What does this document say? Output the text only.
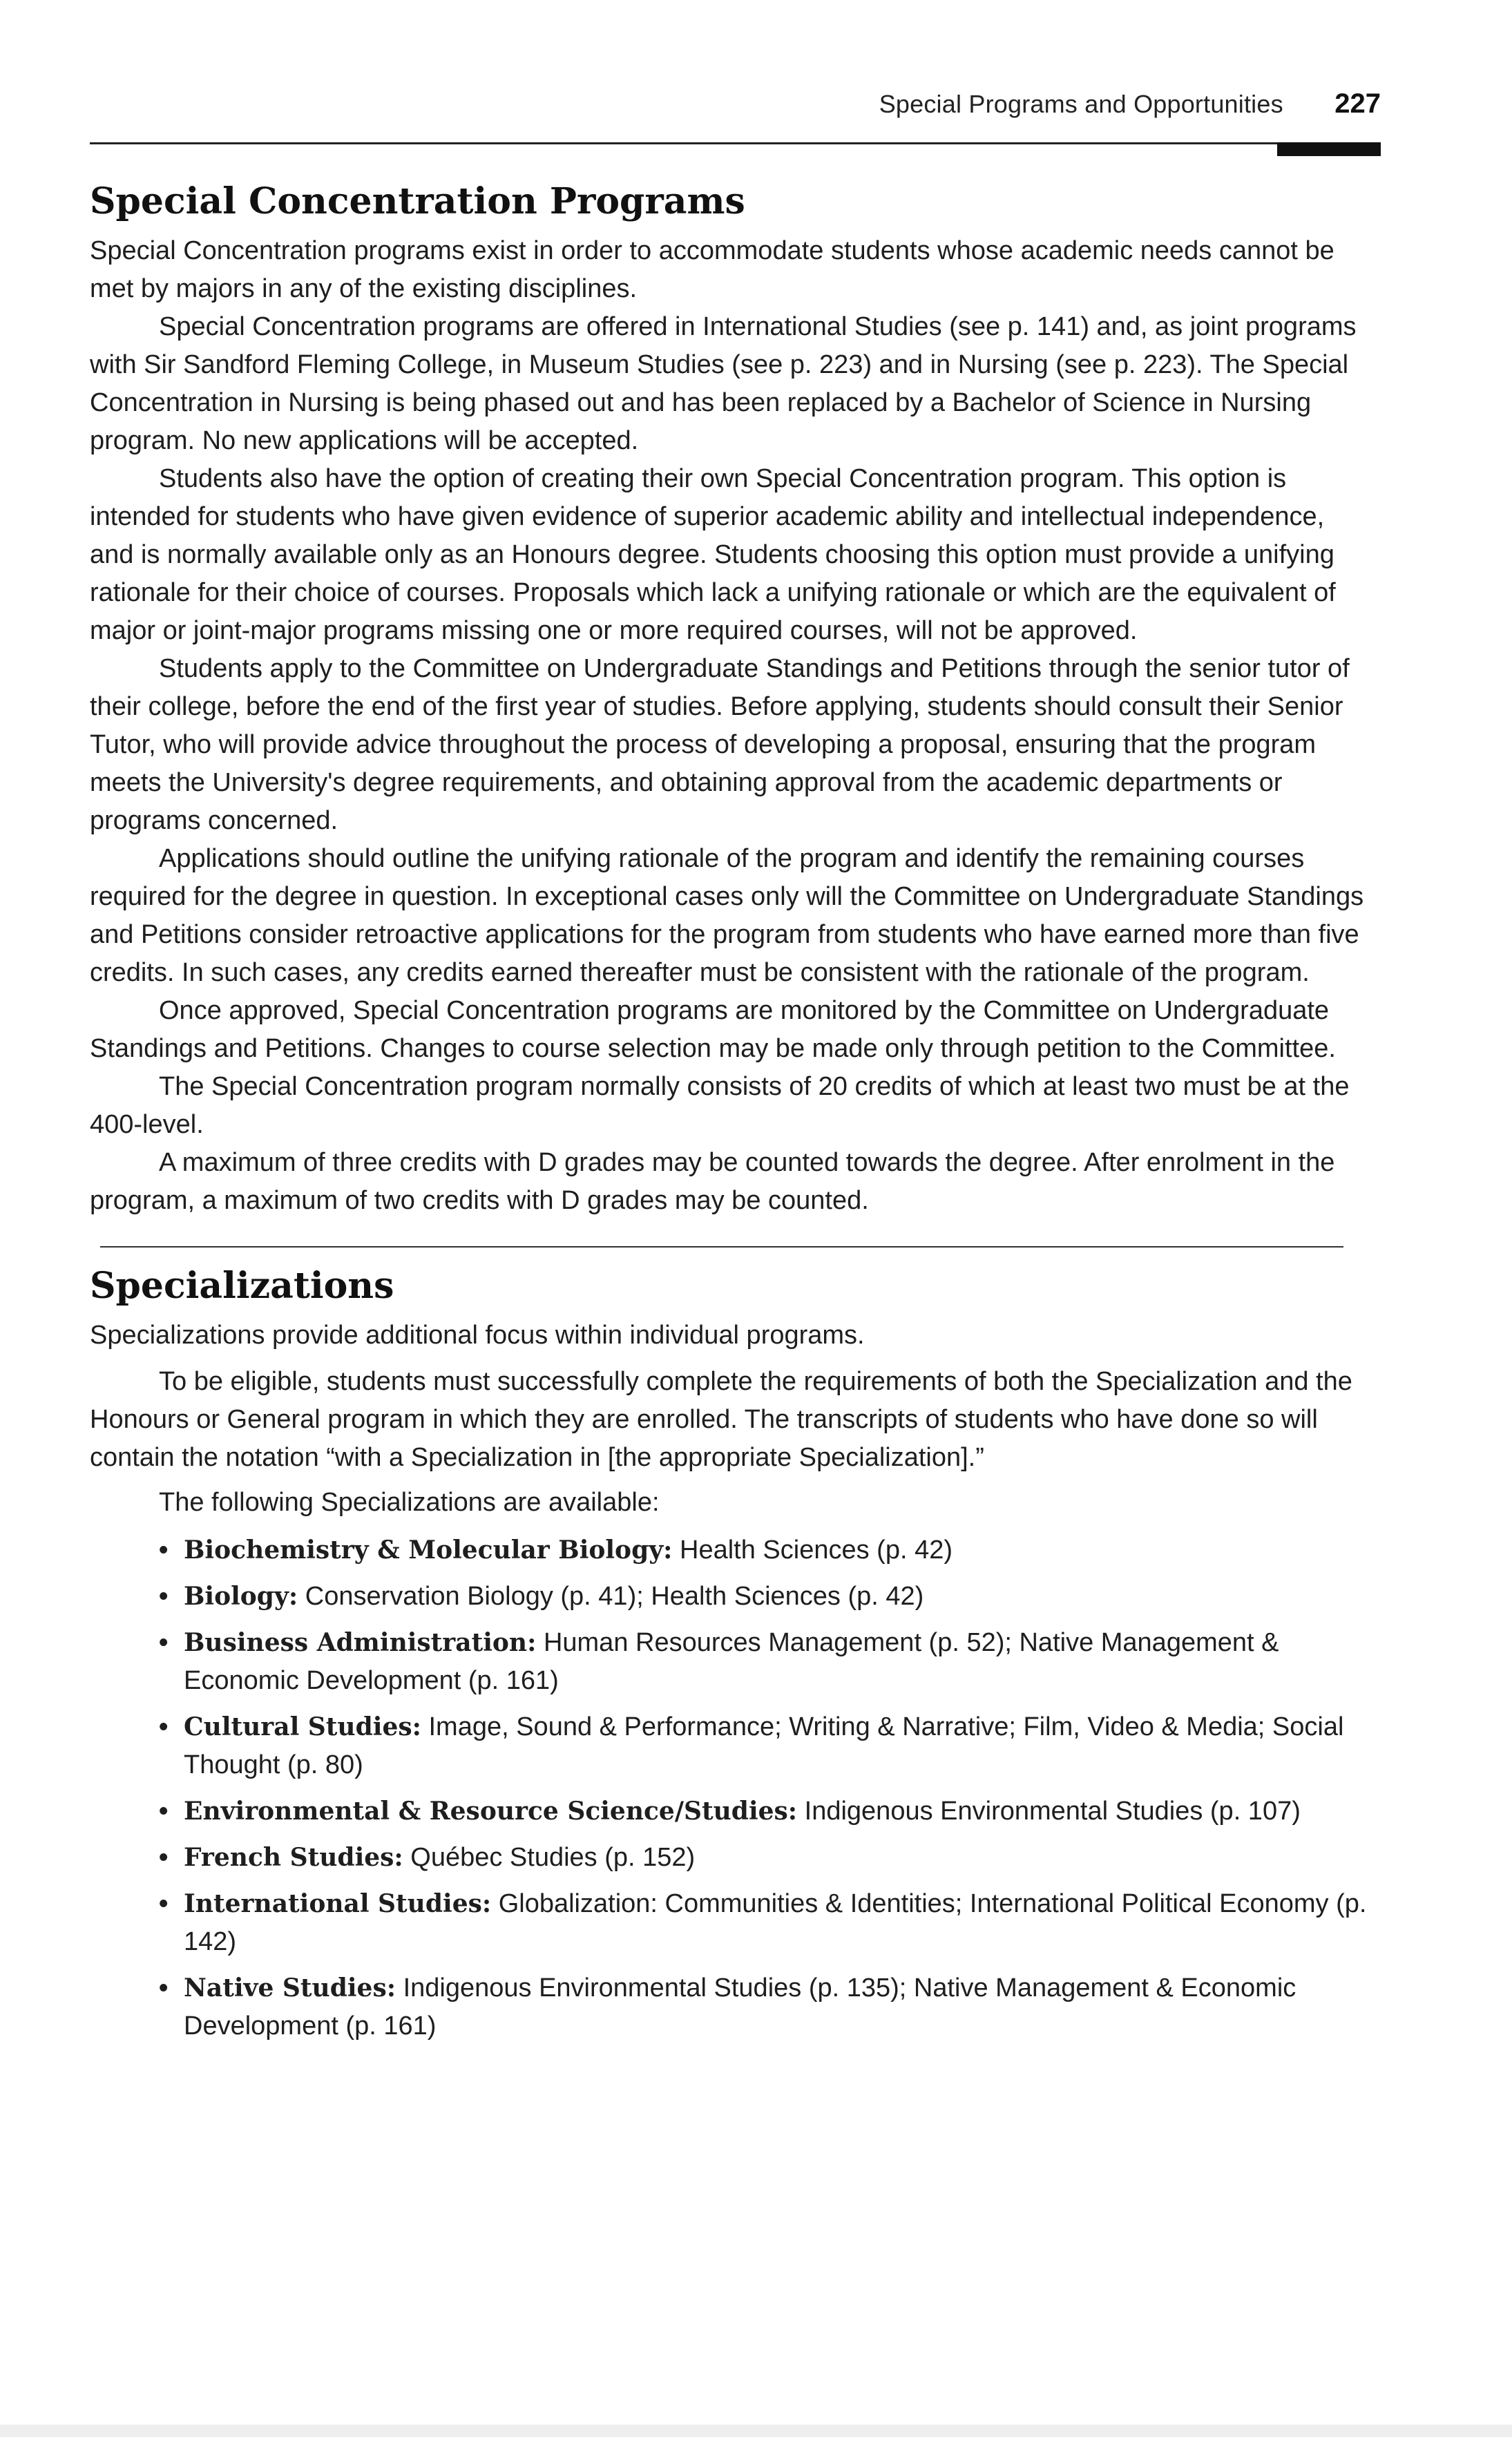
Special Programs and Opportunities 227
Special Concentration Programs

Special Concentration programs exist in order to accommodate students whose academic needs cannot be met by majors in any of the existing disciplines.

Special Concentration programs are offered in International Studies (see p. 141) and, as joint programs with Sir Sandford Fleming College, in Museum Studies (see p. 223) and in Nursing (see p. 223). The Special Concentration in Nursing is being phased out and has been replaced by a Bachelor of Science in Nursing program. No new applications will be accepted.

Students also have the option of creating their own Special Concentration program. This option is intended for students who have given evidence of superior academic ability and intellectual independence, and is normally available only as an Honours degree. Students choosing this option must provide a unifying rationale for their choice of courses. Proposals which lack a unifying rationale or which are the equivalent of major or joint-major programs missing one or more required courses, will not be approved.

Students apply to the Committee on Undergraduate Standings and Petitions through the senior tutor of their college, before the end of the first year of studies. Before applying, students should consult their Senior Tutor, who will provide advice throughout the process of developing a proposal, ensuring that the program meets the University's degree requirements, and obtaining approval from the academic departments or programs concerned.

Applications should outline the unifying rationale of the program and identify the remaining courses required for the degree in question. In exceptional cases only will the Committee on Undergraduate Standings and Petitions consider retroactive applications for the program from students who have earned more than five credits. In such cases, any credits earned thereafter must be consistent with the rationale of the program.

Once approved, Special Concentration programs are monitored by the Committee on Undergraduate Standings and Petitions. Changes to course selection may be made only through petition to the Committee.

The Special Concentration program normally consists of 20 credits of which at least two must be at the 400-level.

A maximum of three credits with D grades may be counted towards the degree. After enrolment in the program, a maximum of two credits with D grades may be counted.

Specializations

Specializations provide additional focus within individual programs.

To be eligible, students must successfully complete the requirements of both the Specialization and the Honours or General program in which they are enrolled. The transcripts of students who have done so will contain the notation “with a Specialization in [the appropriate Specialization].”

The following Specializations are available:

• Biochemistry & Molecular Biology: Health Sciences (p. 42)
• Biology: Conservation Biology (p. 41); Health Sciences (p. 42)
• Business Administration: Human Resources Management (p. 52); Native Management & Economic Development (p. 161)
• Cultural Studies: Image, Sound & Performance; Writing & Narrative; Film, Video & Media; Social Thought (p. 80)
• Environmental & Resource Science/Studies: Indigenous Environmental Studies (p. 107)
• French Studies: Québec Studies (p. 152)
• International Studies: Globalization: Communities & Identities; International Political Economy (p. 142)
• Native Studies: Indigenous Environmental Studies (p. 135); Native Management & Economic Development (p. 161)
